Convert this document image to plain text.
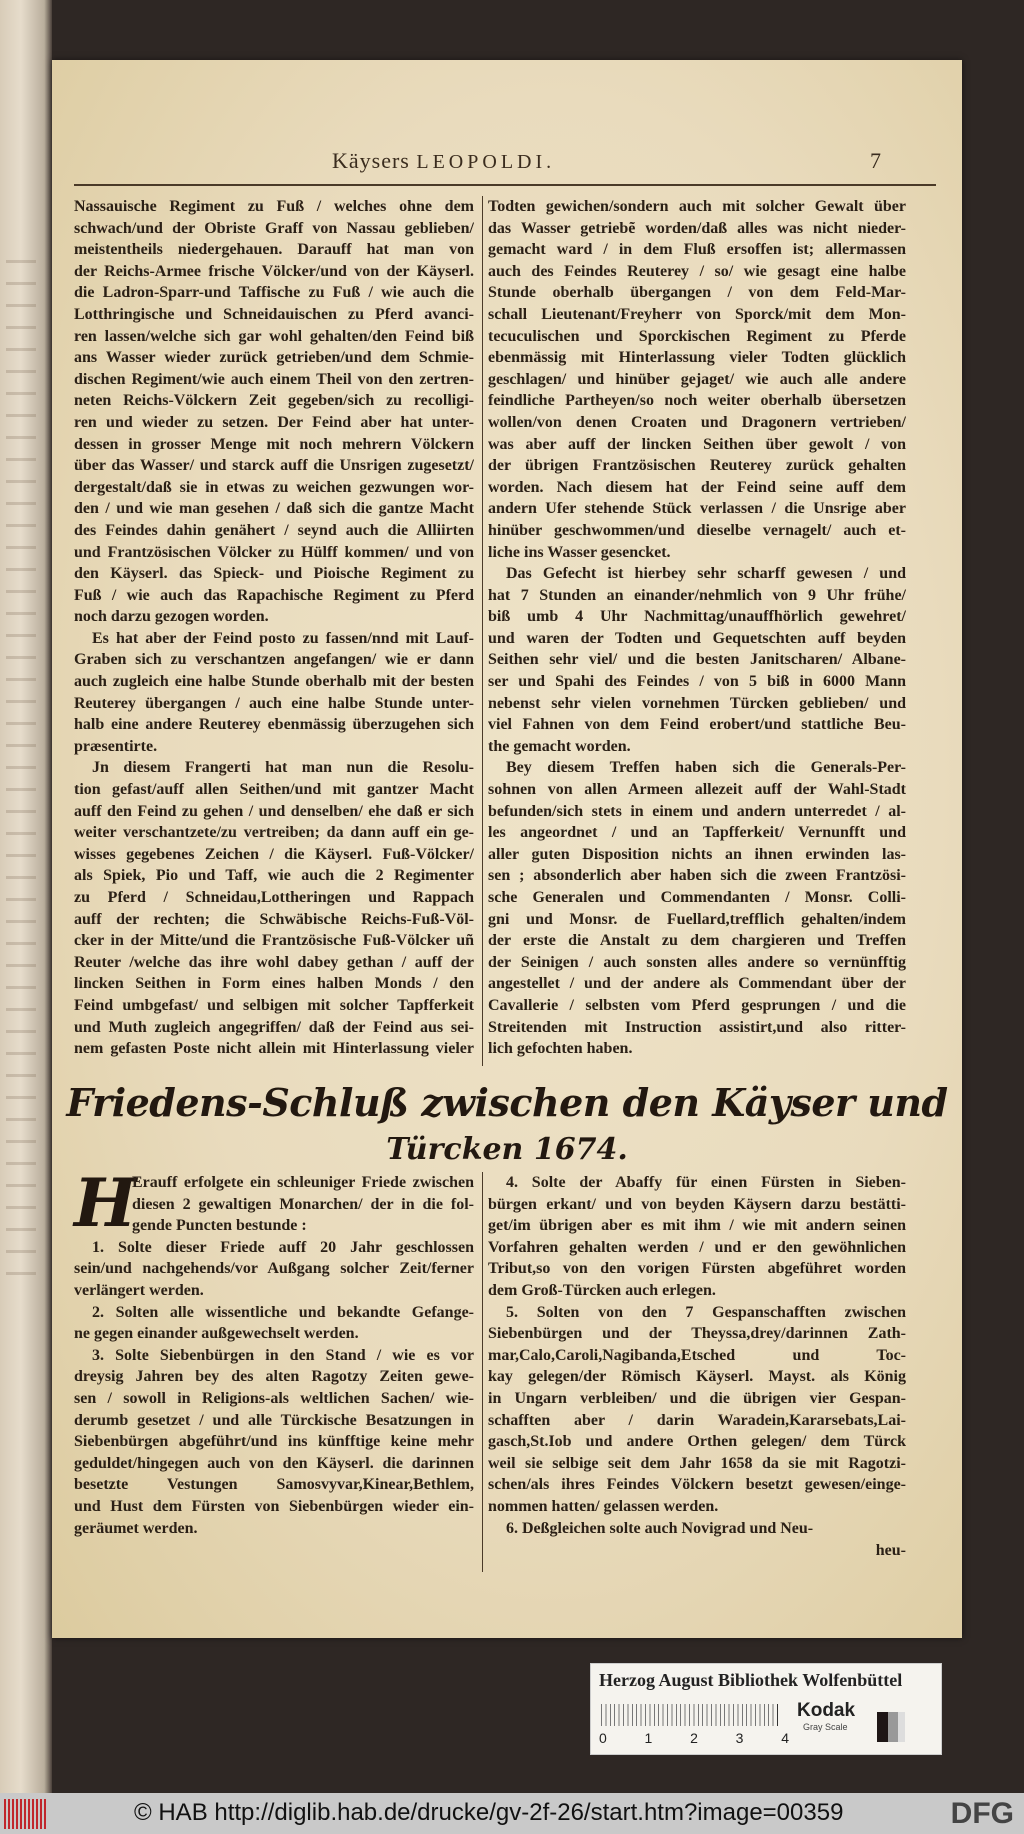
Käysers LEOPOLDI.	7
Nassauische Regiment zu Fuß / welches ohne dem
schwach/und der Obriste Graff von Nassau geblieben/
meistentheils niedergehauen. Darauff hat man von
der Reichs-Armee frische Völcker/und von der Käyserl.
die Ladron-Sparr-und Taffische zu Fuß / wie auch die
Lotthringische und Schneidauischen zu Pferd avanci-
ren lassen/welche sich gar wohl gehalten/den Feind biß
ans Wasser wieder zurück getrieben/und dem Schmie-
dischen Regiment/wie auch einem Theil von den zertren-
neten Reichs-Völckern Zeit gegeben/sich zu recolligi-
ren und wieder zu setzen. Der Feind aber hat unter-
dessen in grosser Menge mit noch mehrern Völckern
über das Wasser/ und starck auff die Unsrigen zugesetzt/
dergestalt/daß sie in etwas zu weichen gezwungen wor-
den / und wie man gesehen / daß sich die gantze Macht
des Feindes dahin genähert / seynd auch die Alliirten
und Frantzösischen Völcker zu Hülff kommen/ und von
den Käyserl. das Spieck- und Pioische Regiment zu
Fuß / wie auch das Rapachische Regiment zu Pferd
noch darzu gezogen worden.
Es hat aber der Feind posto zu fassen/nnd mit Lauf-
Graben sich zu verschantzen angefangen/ wie er dann
auch zugleich eine halbe Stunde oberhalb mit der besten
Reuterey übergangen / auch eine halbe Stunde unter-
halb eine andere Reuterey ebenmässig überzugehen sich
præsentirte.
Jn diesem Frangerti hat man nun die Resolu-
tion gefast/auff allen Seithen/und mit gantzer Macht
auff den Feind zu gehen / und denselben/ ehe daß er sich
weiter verschantzete/zu vertreiben; da dann auff ein ge-
wisses gegebenes Zeichen / die Käyserl. Fuß-Völcker/
als Spiek, Pio und Taff, wie auch die 2 Regimenter
zu Pferd / Schneidau,Lottheringen und Rappach
auff der rechten; die Schwäbische Reichs-Fuß-Völ-
cker in der Mitte/und die Frantzösische Fuß-Völcker uñ
Reuter /welche das ihre wohl dabey gethan / auff der
lincken Seithen in Form eines halben Monds / den
Feind umbgefast/ und selbigen mit solcher Tapfferkeit
und Muth zugleich angegriffen/ daß der Feind aus sei-
nem gefasten Poste nicht allein mit Hinterlassung vieler
Todten gewichen/sondern auch mit solcher Gewalt über
das Wasser getriebẽ worden/daß alles was nicht nieder-
gemacht ward / in dem Fluß ersoffen ist; allermassen
auch des Feindes Reuterey / so/ wie gesagt eine halbe
Stunde oberhalb übergangen / von dem Feld-Mar-
schall Lieutenant/Freyherr von Sporck/mit dem Mon-
tecuculischen und Sporckischen Regiment zu Pferde
ebenmässig mit Hinterlassung vieler Todten glücklich
geschlagen/ und hinüber gejaget/ wie auch alle andere
feindliche Partheyen/so noch weiter oberhalb übersetzen
wollen/von denen Croaten und Dragonern vertrieben/
was aber auff der lincken Seithen über gewolt / von
der übrigen Frantzösischen Reuterey zurück gehalten
worden. Nach diesem hat der Feind seine auff dem
andern Ufer stehende Stück verlassen / die Unsrige aber
hinüber geschwommen/und dieselbe vernagelt/ auch et-
liche ins Wasser gesencket.
Das Gefecht ist hierbey sehr scharff gewesen / und
hat 7 Stunden an einander/nehmlich von 9 Uhr frühe/
biß umb 4 Uhr Nachmittag/unauffhörlich gewehret/
und waren der Todten und Gequetschten auff beyden
Seithen sehr viel/ und die besten Janitscharen/ Albane-
ser und Spahi des Feindes / von 5 biß in 6000 Mann
nebenst sehr vielen vornehmen Türcken geblieben/ und
viel Fahnen von dem Feind erobert/und stattliche Beu-
the gemacht worden.
Bey diesem Treffen haben sich die Generals-Per-
sohnen von allen Armeen allezeit auff der Wahl-Stadt
befunden/sich stets in einem und andern unterredet / al-
les angeordnet / und an Tapfferkeit/ Vernunfft und
aller guten Disposition nichts an ihnen erwinden las-
sen ; absonderlich aber haben sich die zween Frantzösi-
sche Generalen und Commendanten / Monsr. Colli-
gni und Monsr. de Fuellard,trefflich gehalten/indem
der erste die Anstalt zu dem chargieren und Treffen
der Seinigen / auch sonsten alles andere so vernünfftig
angestellet / und der andere als Commendant über der
Cavallerie / selbsten vom Pferd gesprungen / und die
Streitenden mit Instruction assistirt,und also ritter-
lich gefochten haben.
Friedens-Schluß zwischen den Käyser und
Türcken 1674.
H
Erauff erfolgete ein schleuniger Friede zwischen
diesen 2 gewaltigen Monarchen/ der in die fol-
gende Puncten bestunde :
1. Solte dieser Friede auff 20 Jahr geschlossen
sein/und nachgehends/vor Außgang solcher Zeit/ferner
verlängert werden.
2. Solten alle wissentliche und bekandte Gefange-
ne gegen einander außgewechselt werden.
3. Solte Siebenbürgen in den Stand / wie es vor
dreysig Jahren bey des alten Ragotzy Zeiten gewe-
sen / sowoll in Religions-als weltlichen Sachen/ wie-
derumb gesetzet / und alle Türckische Besatzungen in
Siebenbürgen abgeführt/und ins künfftige keine mehr
geduldet/hingegen auch von den Käyserl. die darinnen
besetzte Vestungen Samosvyvar,Kinear,Bethlem,
und Hust dem Fürsten von Siebenbürgen wieder ein-
geräumet werden.
4. Solte der Abaffy für einen Fürsten in Sieben-
bürgen erkant/ und von beyden Käysern darzu bestätti-
get/im übrigen aber es mit ihm / wie mit andern seinen
Vorfahren gehalten werden / und er den gewöhnlichen
Tribut,so von den vorigen Fürsten abgeführet worden
dem Groß-Türcken auch erlegen.
5. Solten von den 7 Gespanschafften zwischen
Siebenbürgen und der Theyssa,drey/darinnen Zath-
mar,Calo,Caroli,Nagibanda,Etsched und Toc-
kay gelegen/der Römisch Käyserl. Mayst. als König
in Ungarn verbleiben/ und die übrigen vier Gespan-
schafften aber / darin Waradein,Kararsebats,Lai-
gasch,St.Iob und andere Orthen gelegen/ dem Türck
weil sie selbige seit dem Jahr 1658 da sie mit Ragotzi-
schen/als ihres Feindes Völckern besetzt gewesen/einge-
nommen hatten/ gelassen werden.
6. Deßgleichen solte auch Novigrad und Neu-
heu-
Herzog August Bibliothek Wolfenbüttel
0	1	2	3	4
Kodak
Gray Scale
© HAB http://diglib.hab.de/drucke/gv-2f-26/start.htm?image=00359	DFG
